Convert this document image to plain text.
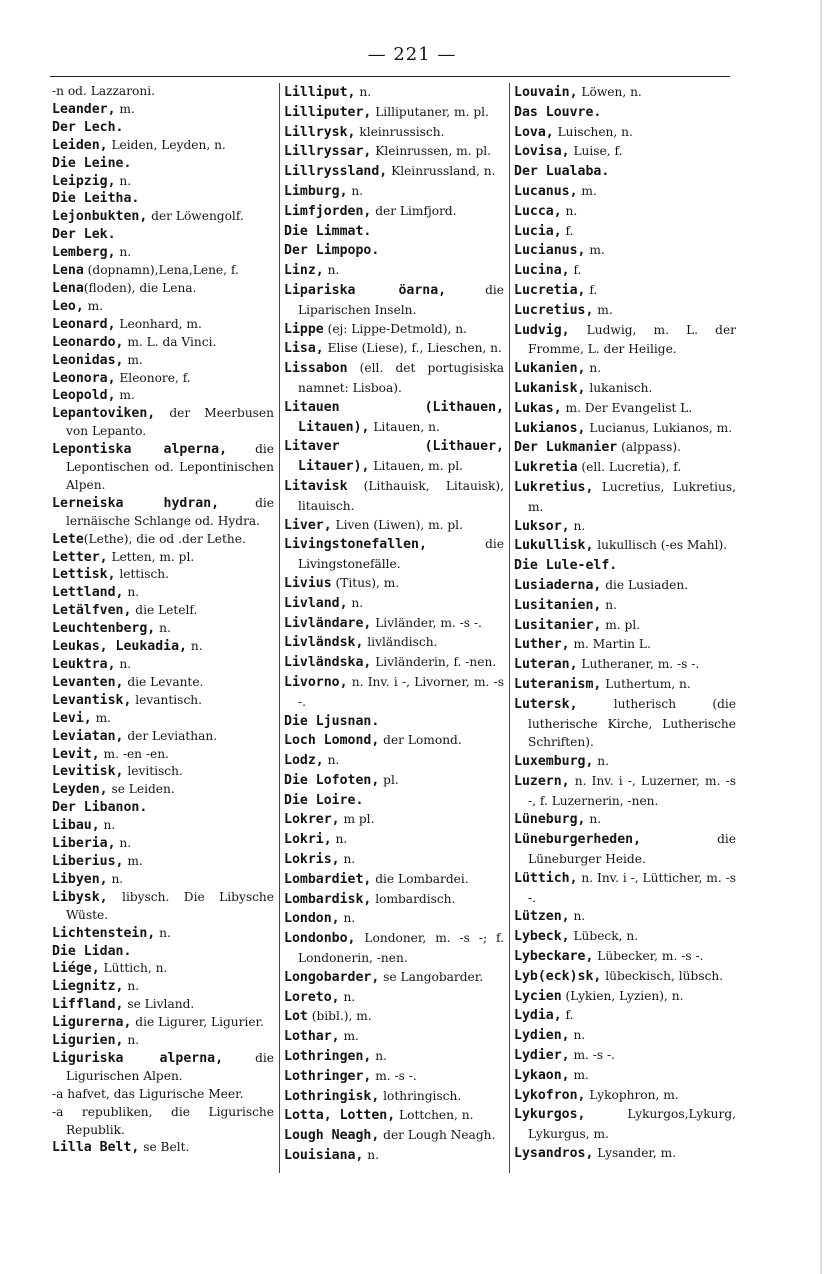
— 221 —
-n od. Lazzaroni.
Leander, m.
Der Lech.
Leiden, Leiden, Leyden, n.
Die Leine.
Leipzig, n.
Die Leitha.
Lejonbukten, der Löwengolf.
Der Lek.
Lemberg, n.
Lena (dopnamn),Lena,Lene, f.
Lena(floden), die Lena.
Leo, m.
Leonard, Leonhard, m.
Leonardo, m. L. da Vinci.
Leonidas, m.
Leonora, Eleonore, f.
Leopold, m.
Lepantoviken, der Meerbusen von Lepanto.
Lepontiska alperna, die Lepontischen od. Lepontinischen Alpen.
Lerneiska hydran, die lernäische Schlange od. Hydra.
Lete(Lethe), die od .der Lethe.
Letter, Letten, m. pl.
Lettisk, lettisch.
Lettland, n.
Letälfven, die Letelf.
Leuchtenberg, n.
Leukas, Leukadia, n.
Leuktra, n.
Levanten, die Levante.
Levantisk, levantisch.
Levi, m.
Leviatan, der Leviathan.
Levit, m. -en -en.
Levitisk, levitisch.
Leyden, se Leiden.
Der Libanon.
Libau, n.
Liberia, n.
Liberius, m.
Libyen, n.
Libysk, libysch. Die Libysche Wüste.
Lichtenstein, n.
Die Lidan.
Liége, Lüttich, n.
Liegnitz, n.
Liffland, se Livland.
Ligurerna, die Ligurer, Ligurier.
Ligurien, n.
Liguriska alperna, die Ligurischen Alpen.
-a hafvet, das Ligurische Meer.
-a republiken, die Ligurische Republik.
Lilla Belt, se Belt.
Lilliput, n.
Lilliputer, Lilliputaner, m. pl.
Lillrysk, kleinrussisch.
Lillryssar, Kleinrussen, m. pl.
Lillryssland, Kleinrussland, n.
Limburg, n.
Limfjorden, der Limfjord.
Die Limmat.
Der Limpopo.
Linz, n.
Lipariska öarna, die Liparischen Inseln.
Lippe (ej: Lippe-Detmold), n.
Lisa, Elise (Liese), f., Lieschen, n.
Lissabon (ell. det portugisiska namnet: Lisboa).
Litauen (Lithauen, Litauen), Litauen, n.
Litaver (Lithauer, Litauer), Litauen, m. pl.
Litavisk (Lithauisk, Litauisk), litauisch.
Liver, Liven (Liwen), m. pl.
Livingstonefallen, die Livingstonefälle.
Livius (Titus), m.
Livland, n.
Livländare, Livländer, m. -s -.
Livländsk, livländisch.
Livländska, Livländerin, f. -nen.
Livorno, n. Inv. i -, Livorner, m. -s -.
Die Ljusnan.
Loch Lomond, der Lomond.
Lodz, n.
Die Lofoten, pl.
Die Loire.
Lokrer, m pl.
Lokri, n.
Lokris, n.
Lombardiet, die Lombardei.
Lombardisk, lombardisch.
London, n.
Londonbo, Londoner, m. -s -; f. Londonerin, -nen.
Longobarder, se Langobarder.
Loreto, n.
Lot (bibl.), m.
Lothar, m.
Lothringen, n.
Lothringer, m. -s -.
Lothringisk, lothringisch.
Lotta, Lotten, Lottchen, n.
Lough Neagh, der Lough Neagh.
Louisiana, n.
Louvain, Löwen, n.
Das Louvre.
Lova, Luischen, n.
Lovisa, Luise, f.
Der Lualaba.
Lucanus, m.
Lucca, n.
Lucia, f.
Lucianus, m.
Lucina, f.
Lucretia, f.
Lucretius, m.
Ludvig, Ludwig, m. L. der Fromme, L. der Heilige.
Lukanien, n.
Lukanisk, lukanisch.
Lukas, m. Der Evangelist L.
Lukianos, Lucianus, Lukianos, m.
Der Lukmanier (alppass).
Lukretia (ell. Lucretia), f.
Lukretius, Lucretius, Lukretius, m.
Luksor, n.
Lukullisk, lukullisch (-es Mahl).
Die Lule-elf.
Lusiaderna, die Lusiaden.
Lusitanien, n.
Lusitanier, m. pl.
Luther, m. Martin L.
Luteran, Lutheraner, m. -s -.
Luteranism, Luthertum, n.
Lutersk, lutherisch (die lutherische Kirche, Lutherische Schriften).
Luxemburg, n.
Luzern, n. Inv. i -, Luzerner, m. -s -, f. Luzernerin, -nen.
Lüneburg, n.
Lüneburgerheden, die Lüneburger Heide.
Lüttich, n. Inv. i -, Lütticher, m. -s -.
Lützen, n.
Lybeck, Lübeck, n.
Lybeckare, Lübecker, m. -s -.
Lyb(eck)sk, lübeckisch, lübsch.
Lycien (Lykien, Lyzien), n.
Lydia, f.
Lydien, n.
Lydier, m. -s -.
Lykaon, m.
Lykofron, Lykophron, m.
Lykurgos, Lykurgos,Lykurg, Lykurgus, m.
Lysandros, Lysander, m.
